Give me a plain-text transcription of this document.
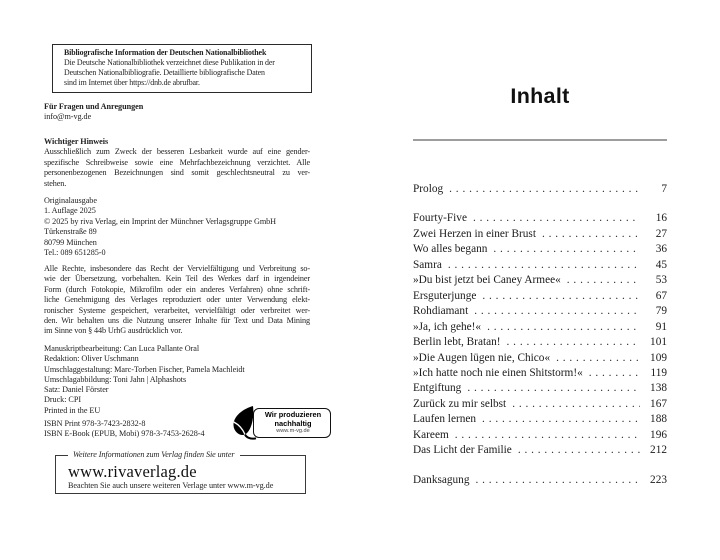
Bibliografische Information der Deutschen Nationalbibliothek
Die Deutsche Nationalbibliothek verzeichnet diese Publikation in der
Deutschen Nationalbibliografie. Detaillierte bibliografische Daten
sind im Internet über https://dnb.de abrufbar.
Für Fragen und Anregungen
info@m-vg.de
Wichtiger Hinweis
Ausschließlich zum Zweck der besseren Lesbarkeit wurde auf eine gender-
spezifische Schreibweise sowie eine Mehrfachbezeichnung verzichtet. Alle
personenbezogenen Bezeichnungen sind somit geschlechtsneutral zu ver-
stehen.
Originalausgabe
1. Auflage 2025
© 2025 by riva Verlag, ein Imprint der Münchner Verlagsgruppe GmbH
Türkenstraße 89
80799 München
Tel.: 089 651285-0
Alle Rechte, insbesondere das Recht der Vervielfältigung und Verbreitung so-
wie der Übersetzung, vorbehalten. Kein Teil des Werkes darf in irgendeiner
Form (durch Fotokopie, Mikrofilm oder ein anderes Verfahren) ohne schrift-
liche Genehmigung des Verlages reproduziert oder unter Verwendung elekt-
ronischer Systeme gespeichert, verarbeitet, vervielfältigt oder verbreitet wer-
den. Wir behalten uns die Nutzung unserer Inhalte für Text und Data Mining
im Sinne von § 44b UrhG ausdrücklich vor.
Manuskriptbearbeitung: Can Luca Pallante Oral
Redaktion: Oliver Uschmann
Umschlaggestaltung: Marc-Torben Fischer, Pamela Machleidt
Umschlagabbildung: Toni Jahn | Alphashots
Satz: Daniel Förster
Druck: CPI
Printed in the EU
ISBN Print 978-3-7423-2832-8
ISBN E-Book (EPUB, Mobi) 978-3-7453-2628-4
Wir produzieren
nachhaltig
www.m-vg.de
Weitere Informationen zum Verlag finden Sie unter
www.rivaverlag.de
Beachten Sie auch unsere weiteren Verlage unter www.m-vg.de
Inhalt
Prolog . . .	7
Fourty-Five . . .	16
Zwei Herzen in einer Brust . . .	27
Wo alles begann . . .	36
Samra . . .	45
»Du bist jetzt bei Caney Armee« . . .	53
Ersguterjunge . . .	67
Rohdiamant . . .	79
»Ja, ich gehe!« . . .	91
Berlin lebt, Bratan! . . .	101
»Die Augen lügen nie, Chico« . . .	109
»Ich hatte noch nie einen Shitstorm!« . . .	119
Entgiftung . . .	138
Zurück zu mir selbst . . .	167
Laufen lernen . . .	188
Kareem . . .	196
Das Licht der Familie . . .	212
Danksagung . . .	223
